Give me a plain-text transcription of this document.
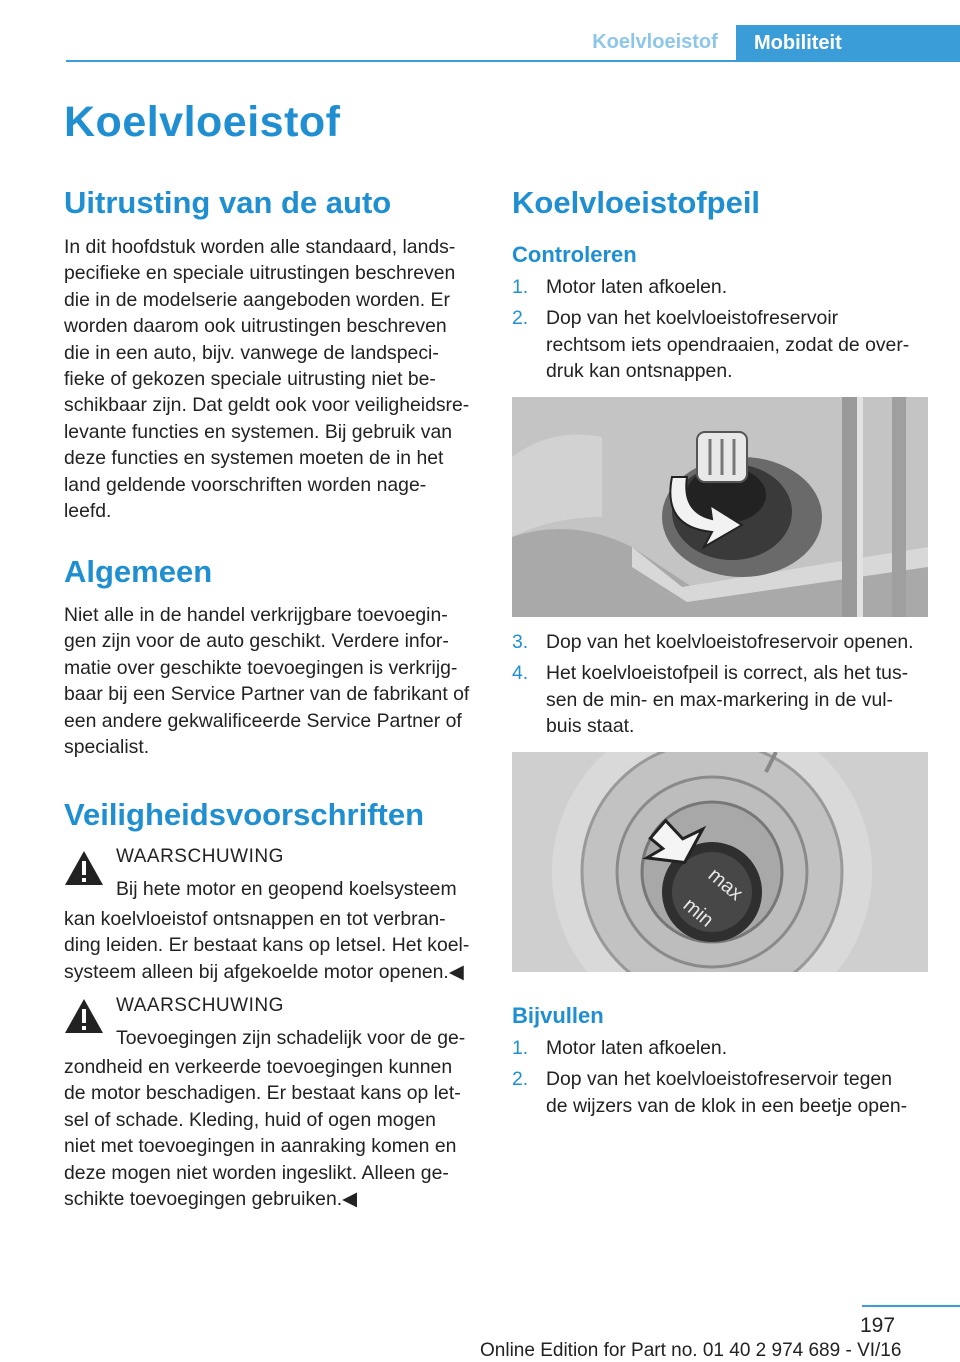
Koelvloeistof	Mobiliteit
Koelvloeistof
Uitrusting van de auto
In dit hoofdstuk worden alle standaard, lands‐
pecifieke en speciale uitrustingen beschreven
die in de modelserie aangeboden worden. Er
worden daarom ook uitrustingen beschreven
die in een auto, bijv. vanwege de landspeci‐
fieke of gekozen speciale uitrusting niet be‐
schikbaar zijn. Dat geldt ook voor veiligheidsre‐
levante functies en systemen. Bij gebruik van
deze functies en systemen moeten de in het
land geldende voorschriften worden nage‐
leefd.
Algemeen
Niet alle in de handel verkrijgbare toevoegin‐
gen zijn voor de auto geschikt. Verdere infor‐
matie over geschikte toevoegingen is verkrijg‐
baar bij een Service Partner van de fabrikant of
een andere gekwalificeerde Service Partner of
specialist.
Veiligheidsvoorschriften
WAARSCHUWING
Bij hete motor en geopend koelsysteem
kan koelvloeistof ontsnappen en tot verbran‐
ding leiden. Er bestaat kans op letsel. Het koel‐
systeem alleen bij afgekoelde motor openen.◀
WAARSCHUWING
Toevoegingen zijn schadelijk voor de ge‐
zondheid en verkeerde toevoegingen kunnen
de motor beschadigen. Er bestaat kans op let‐
sel of schade. Kleding, huid of ogen mogen
niet met toevoegingen in aanraking komen en
deze mogen niet worden ingeslikt. Alleen ge‐
schikte toevoegingen gebruiken.◀
Koelvloeistofpeil
Controleren
1. Motor laten afkoelen.
2. Dop van het koelvloeistofreservoir
rechtsom iets opendraaien, zodat de over‐
druk kan ontsnappen.
3. Dop van het koelvloeistofreservoir openen.
4. Het koelvloeistofpeil is correct, als het tus‐
sen de min- en max-markering in de vul‐
buis staat.
max
min
Bijvullen
1. Motor laten afkoelen.
2. Dop van het koelvloeistofreservoir tegen
de wijzers van de klok in een beetje open‐
197
Online Edition for Part no. 01 40 2 974 689 - VI/16
